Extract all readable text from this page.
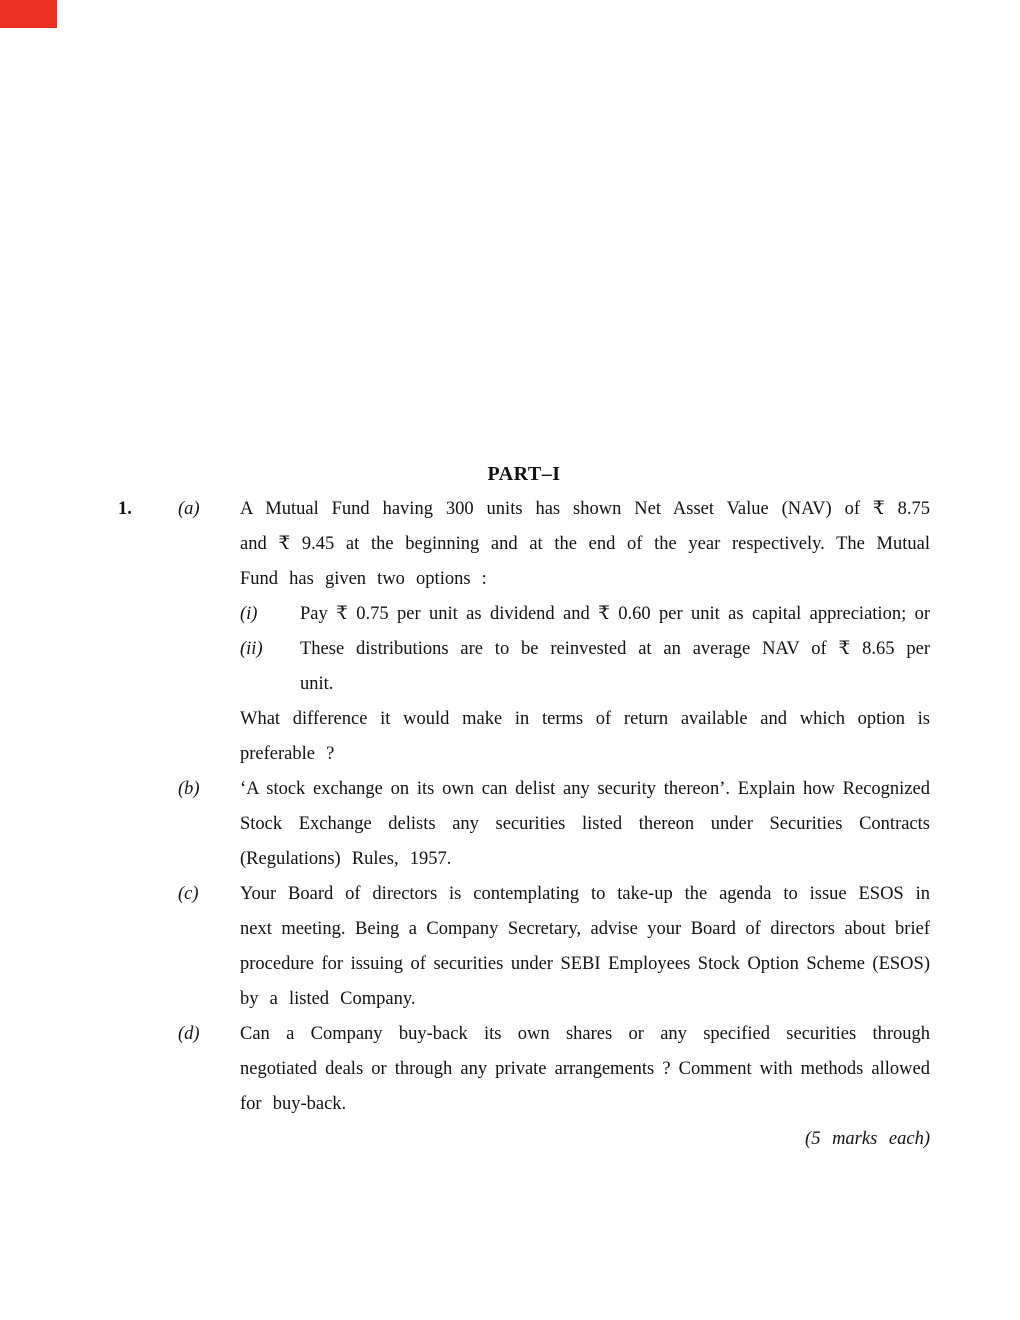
PART–I
1.	(a)	A Mutual Fund having 300 units has shown Net Asset Value (NAV) of ₹ 8.75
and ₹ 9.45 at the beginning and at the end of the year respectively. The Mutual
Fund has given two options :
(i)	Pay ₹ 0.75 per unit as dividend and ₹ 0.60 per unit as capital appreciation; or
(ii)	These distributions are to be reinvested at an average NAV of ₹ 8.65 per
unit.
What difference it would make in terms of return available and which option is
preferable ?
(b)	‘A stock exchange on its own can delist any security thereon’. Explain how Recognized
Stock Exchange delists any securities listed thereon under Securities Contracts
(Regulations) Rules, 1957.
(c)	Your Board of directors is contemplating to take-up the agenda to issue ESOS in
next meeting. Being a Company Secretary, advise your Board of directors about brief
procedure for issuing of securities under SEBI Employees Stock Option Scheme (ESOS)
by a listed Company.
(d)	Can a Company buy-back its own shares or any specified securities through
negotiated deals or through any private arrangements ? Comment with methods allowed
for buy-back.
(5 marks each)
